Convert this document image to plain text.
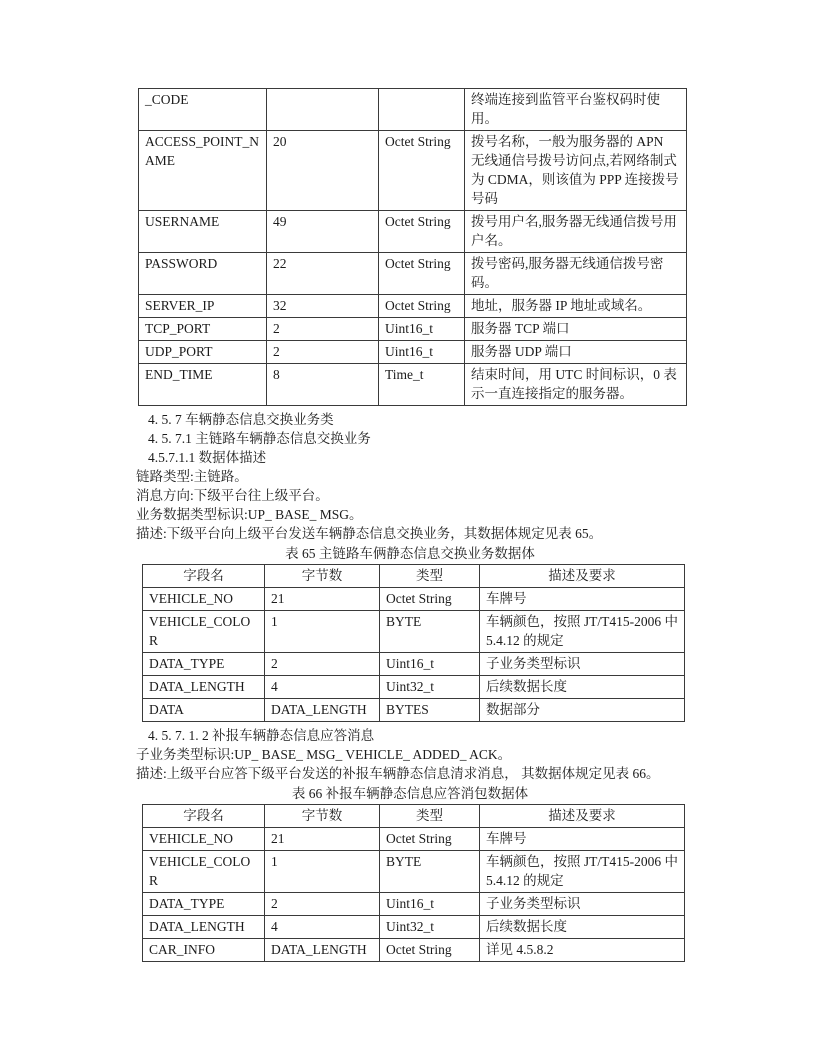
_CODE			终端连接到监管平台鉴权码时使用。
ACCESS_POINT_NAME	20	Octet String	拨号名称，一般为服务器的 APN 无线通信号拨号访问点,若网络制式为 CDMA，则该值为 PPP 连接拨号号码
USERNAME	49	Octet String	拨号用户名,服务器无线通信拨号用户名。
PASSWORD	22	Octet String	拨号密码,服务器无线通信拨号密码。
SERVER_IP	32	Octet String	地址，服务器 IP 地址或域名。
TCP_PORT	2	Uint16_t	服务器 TCP 端口
UDP_PORT	2	Uint16_t	服务器 UDP 端口
END_TIME	8	Time_t	结束时间，用 UTC 时间标识，0 表示一直连接指定的服务器。
4. 5. 7 车辆静态信息交换业务类
4. 5. 7.1 主链路车辆静态信息交换业务
4.5.7.1.1 数据体描述
链路类型:主链路。
消息方向:下级平台往上级平台。
业务数据类型标识:UP_ BASE_ MSG。
描述:下级平台向上级平台发送车辆静态信息交换业务，其数据体规定见表 65。
表 65 主链路车俩静态信息交换业务数据体
字段名	字节数	类型	描述及要求
VEHICLE_NO	21	Octet String	车牌号
VEHICLE_COLOR	1	BYTE	车辆颜色，按照 JT/T415-2006 中 5.4.12 的规定
DATA_TYPE	2	Uint16_t	子业务类型标识
DATA_LENGTH	4	Uint32_t	后续数据长度
DATA	DATA_LENGTH	BYTES	数据部分
4. 5. 7. 1. 2 补报车辆静态信息应答消息
子业务类型标识:UP_ BASE_ MSG_ VEHICLE_ ADDED_ ACK。
描述:上级平台应答下级平台发送的补报车辆静态信息清求消息， 其数据体规定见表 66。
表 66 补报车辆静态信息应答消包数据体
字段名	字节数	类型	描述及要求
VEHICLE_NO	21	Octet String	车牌号
VEHICLE_COLOR	1	BYTE	车辆颜色，按照 JT/T415-2006 中 5.4.12 的规定
DATA_TYPE	2	Uint16_t	子业务类型标识
DATA_LENGTH	4	Uint32_t	后续数据长度
CAR_INFO	DATA_LENGTH	Octet String	详见 4.5.8.2
